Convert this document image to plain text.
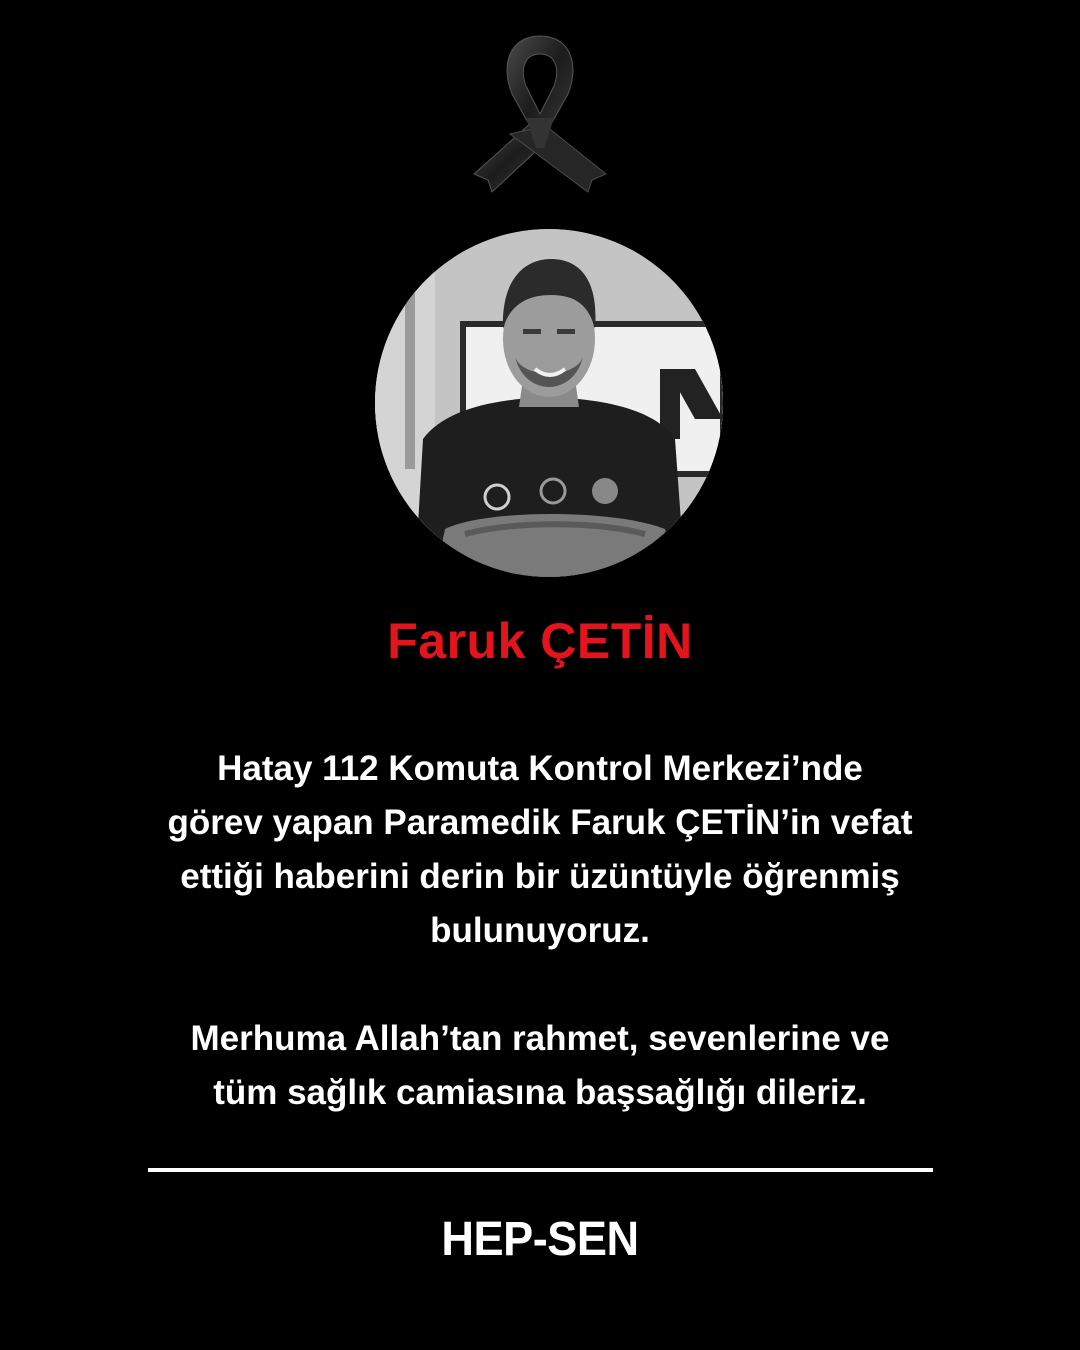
Faruk ÇETİN
Hatay 112 Komuta Kontrol Merkezi’nde
görev yapan Paramedik Faruk ÇETİN’in vefat
ettiği haberini derin bir üzüntüyle öğrenmiş
bulunuyoruz.
Merhuma Allah’tan rahmet, sevenlerine ve
tüm sağlık camiasına başsağlığı dileriz.
HEP-SEN
